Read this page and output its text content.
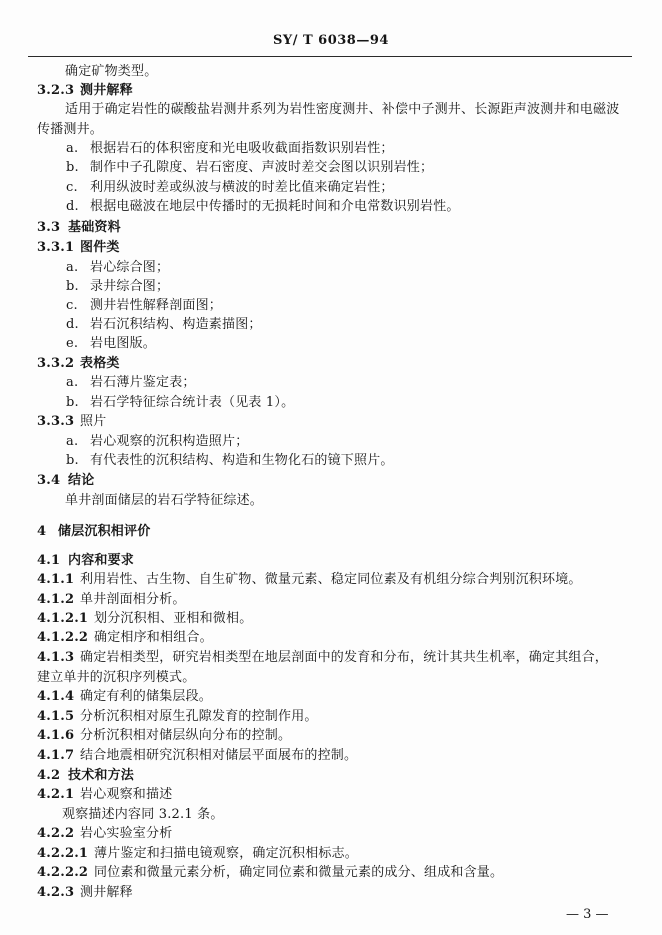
SY/ T 6038—94
确定矿物类型。
3.2.3 测井解释
适用于确定岩性的碳酸盐岩测井系列为岩性密度测井、补偿中子测井、长源距声波测井和电磁波
传播测井。
a. 根据岩石的体积密度和光电吸收截面指数识别岩性；
b. 制作中子孔隙度、岩石密度、声波时差交会图以识别岩性；
c. 利用纵波时差或纵波与横波的时差比值来确定岩性；
d. 根据电磁波在地层中传播时的无损耗时间和介电常数识别岩性。
3.3 基础资料
3.3.1 图件类
a. 岩心综合图；
b. 录井综合图；
c. 测井岩性解释剖面图；
d. 岩石沉积结构、构造素描图；
e. 岩电图版。
3.3.2 表格类
a. 岩石薄片鉴定表；
b. 岩石学特征综合统计表（见表 1）。
3.3.3 照片
a. 岩心观察的沉积构造照片；
b. 有代表性的沉积结构、构造和生物化石的镜下照片。
3.4 结论
单井剖面储层的岩石学特征综述。
4 储层沉积相评价
4.1 内容和要求
4.1.1 利用岩性、古生物、自生矿物、微量元素、稳定同位素及有机组分综合判别沉积环境。
4.1.2 单井剖面相分析。
4.1.2.1 划分沉积相、亚相和微相。
4.1.2.2 确定相序和相组合。
4.1.3 确定岩相类型，研究岩相类型在地层剖面中的发育和分布，统计其共生机率，确定其组合，
建立单井的沉积序列模式。
4.1.4 确定有利的储集层段。
4.1.5 分析沉积相对原生孔隙发育的控制作用。
4.1.6 分析沉积相对储层纵向分布的控制。
4.1.7 结合地震相研究沉积相对储层平面展布的控制。
4.2 技术和方法
4.2.1 岩心观察和描述
观察描述内容同 3.2.1 条。
4.2.2 岩心实验室分析
4.2.2.1 薄片鉴定和扫描电镜观察，确定沉积相标志。
4.2.2.2 同位素和微量元素分析，确定同位素和微量元素的成分、组成和含量。
4.2.3 测井解释
— 3 —
